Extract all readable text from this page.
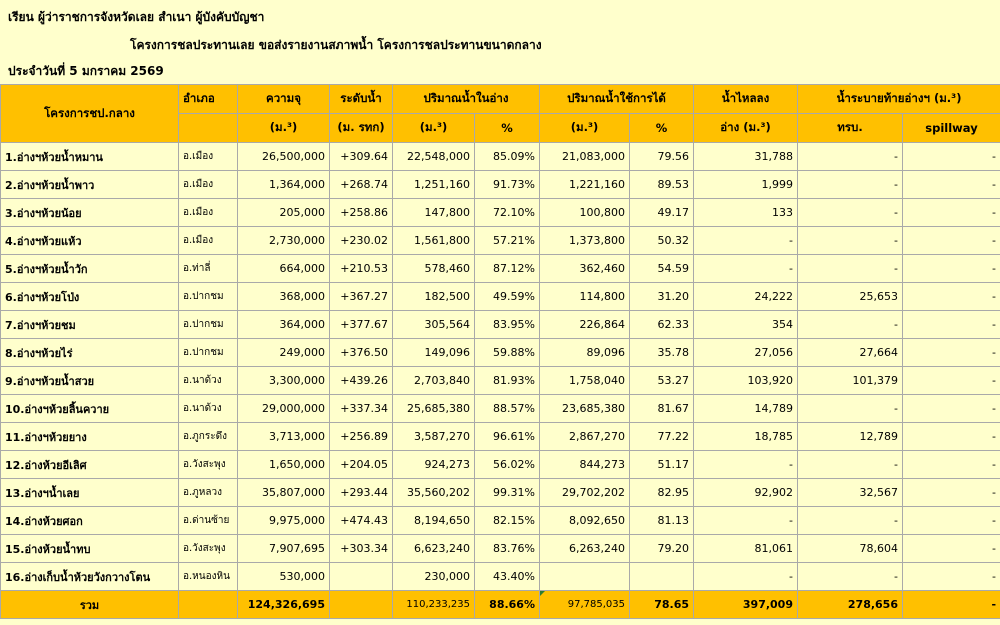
เรียน ผู้ว่าราชการจังหวัดเลย สำเนา ผู้บังคับบัญชา
โครงการชลประทานเลย ขอส่งรายงานสภาพน้ำ โครงการชลประทานขนาดกลาง
ประจำวันที่ 5 มกราคม 2569
โครงการชป.กลาง	อำเภอ	ความจุ	ระดับน้ำ	ปริมาณน้ำในอ่าง		ปริมาณน้ำใช้การได้		น้ำไหลลง	น้ำระบายท้ายอ่างฯ (ม.³)	
		(ม.³)	(ม. รทก)	(ม.³)	%	(ม.³)	%	อ่าง (ม.³)	ทรบ.	spillway
1.อ่างฯห้วยน้ำหมาน	อ.เมือง	26,500,000	+309.64	22,548,000	85.09%	21,083,000	79.56	31,788	-	-
2.อ่างฯห้วยน้ำพาว	อ.เมือง	1,364,000	+268.74	1,251,160	91.73%	1,221,160	89.53	1,999	-	-
3.อ่างฯห้วยน้อย	อ.เมือง	205,000	+258.86	147,800	72.10%	100,800	49.17	133	-	-
4.อ่างฯห้วยแห้ว	อ.เมือง	2,730,000	+230.02	1,561,800	57.21%	1,373,800	50.32	-	-	-
5.อ่างฯห้วยน้ำวัก	อ.ท่าลี่	664,000	+210.53	578,460	87.12%	362,460	54.59	-	-	-
6.อ่างฯห้วยโป่ง	อ.ปากชม	368,000	+367.27	182,500	49.59%	114,800	31.20	24,222	25,653	-
7.อ่างฯห้วยชม	อ.ปากชม	364,000	+377.67	305,564	83.95%	226,864	62.33	354	-	-
8.อ่างฯห้วยไร่	อ.ปากชม	249,000	+376.50	149,096	59.88%	89,096	35.78	27,056	27,664	-
9.อ่างฯห้วยน้ำสวย	อ.นาด้วง	3,300,000	+439.26	2,703,840	81.93%	1,758,040	53.27	103,920	101,379	-
10.อ่างฯห้วยลิ้นควาย	อ.นาด้วง	29,000,000	+337.34	25,685,380	88.57%	23,685,380	81.67	14,789	-	-
11.อ่างฯห้วยยาง	อ.ภูกระดึง	3,713,000	+256.89	3,587,270	96.61%	2,867,270	77.22	18,785	12,789	-
12.อ่างห้วยอีเลิศ	อ.วังสะพุง	1,650,000	+204.05	924,273	56.02%	844,273	51.17	-	-	-
13.อ่างฯน้ำเลย	อ.ภูหลวง	35,807,000	+293.44	35,560,202	99.31%	29,702,202	82.95	92,902	32,567	-
14.อ่างห้วยศอก	อ.ด่านซ้าย	9,975,000	+474.43	8,194,650	82.15%	8,092,650	81.13	-	-	-
15.อ่างห้วยน้ำทบ	อ.วังสะพุง	7,907,695	+303.34	6,623,240	83.76%	6,263,240	79.20	81,061	78,604	-
16.อ่างเก็บน้ำห้วยวังกวางโตน	อ.หนองหิน	530,000		230,000	43.40%			-	-	-
รวม		124,326,695		110,233,235	88.66%	97,785,035	78.65	397,009	278,656	-
